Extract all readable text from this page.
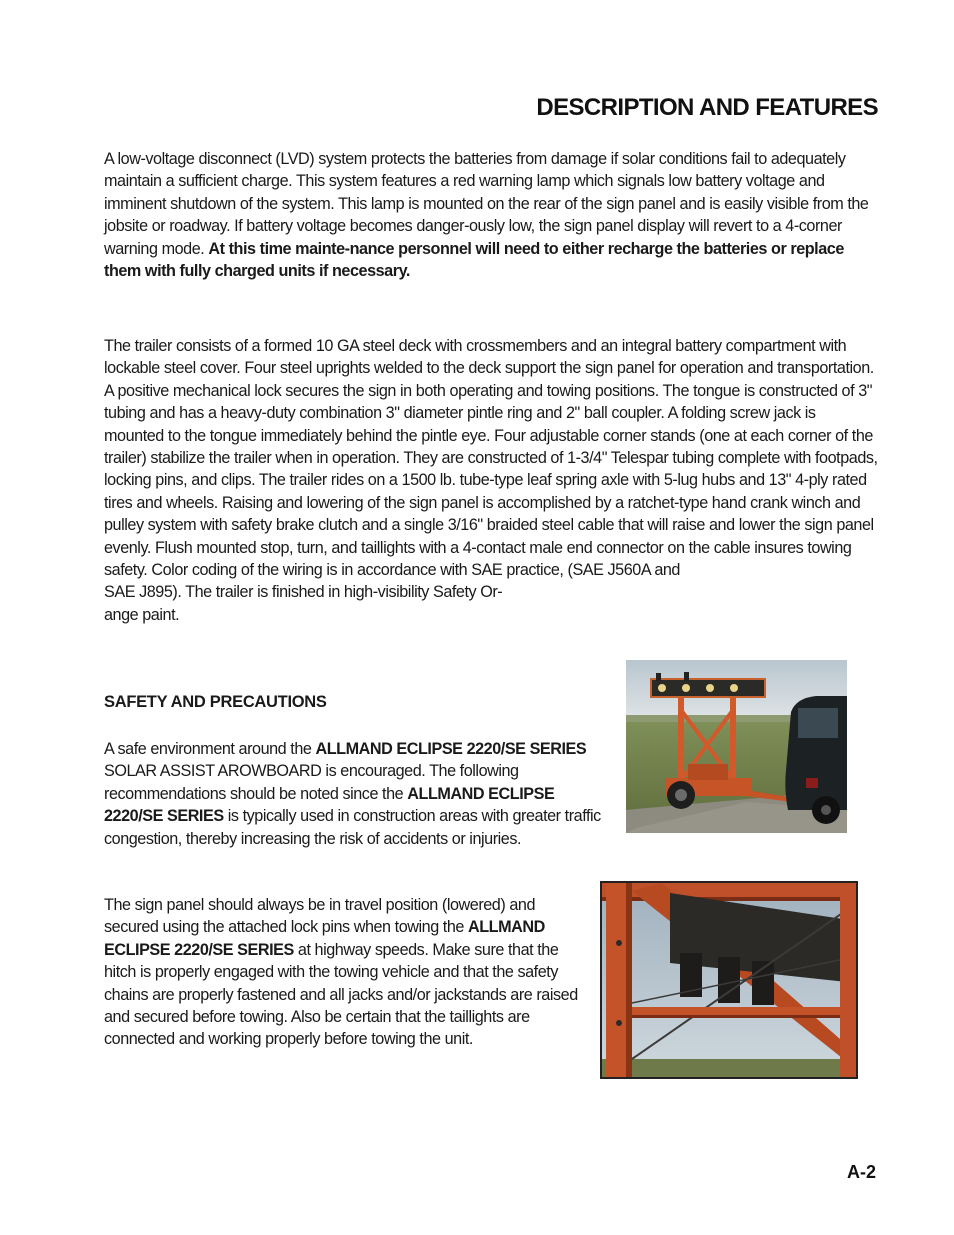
DESCRIPTION AND FEATURES

A low-voltage disconnect (LVD) system protects the batteries from damage if solar conditions fail to adequately maintain a sufficient charge. This system features a red warning lamp which signals low battery voltage and imminent shutdown of the system. This lamp is mounted on the rear of the sign panel and is easily visible from the jobsite or roadway. If battery voltage becomes danger-ously low, the sign panel display will revert to a 4-corner warning mode. At this time mainte-nance personnel will need to either recharge the batteries or replace them with fully charged units if necessary.

The trailer consists of a formed 10 GA steel deck with crossmembers and an integral battery compartment with lockable steel cover. Four steel uprights welded to the deck support the sign panel for operation and transportation. A positive mechanical lock secures the sign in both operating and towing positions. The tongue is constructed of 3" tubing and has a heavy-duty combination 3" diameter pintle ring and 2" ball coupler. A folding screw jack is mounted to the tongue immediately behind the pintle eye. Four adjustable corner stands (one at each corner of the trailer) stabilize the trailer when in operation. They are constructed of 1-3/4" Telespar tubing complete with footpads, locking pins, and clips. The trailer rides on a 1500 lb. tube-type leaf spring axle with 5-lug hubs and 13" 4-ply rated tires and wheels. Raising and lowering of the sign panel is accomplished by a ratchet-type hand crank winch and pulley system with safety brake clutch and a single 3/16" braided steel cable that will raise and lower the sign panel evenly. Flush mounted stop, turn, and taillights with a 4-contact male end connector on the cable insures towing safety. Color coding of the wiring is in accordance with SAE practice, (SAE J560A and
SAE J895). The trailer is finished in high-visibility Safety Or-
ange paint.

SAFETY AND PRECAUTIONS

A safe environment around the ALLMAND ECLIPSE 2220/SE SERIES SOLAR ASSIST AROWBOARD is encouraged. The following recommendations should be noted since the ALLMAND ECLIPSE 2220/SE SERIES is typically used in construction areas with greater traffic congestion, thereby increasing the risk of accidents or injuries.

The sign panel should always be in travel position (lowered) and secured using the attached lock pins when towing the ALLMAND ECLIPSE 2220/SE SERIES at highway speeds. Make sure that the hitch is properly engaged with the towing vehicle and that the safety chains are properly fastened and all jacks and/or jackstands are raised and secured before towing. Also be certain that the taillights are connected and working properly before towing the unit.

A-2
